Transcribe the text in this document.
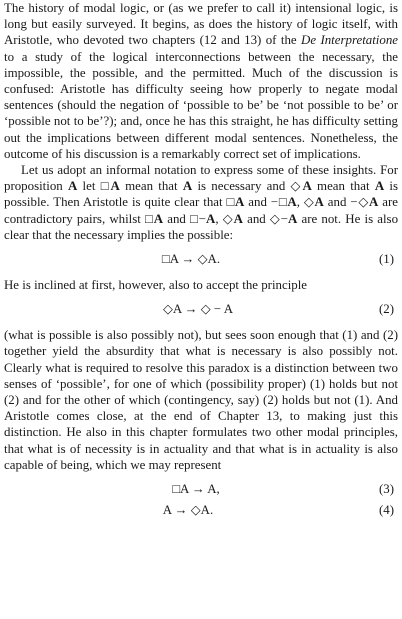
The history of modal logic, or (as we prefer to call it) intensional logic, is long but easily surveyed. It begins, as does the history of logic itself, with Aristotle, who devoted two chapters (12 and 13) of the De Interpretatione to a study of the logical interconnections between the necessary, the impossible, the possible, and the permitted. Much of the discussion is confused: Aristotle has difficulty seeing how properly to negate modal sentences (should the negation of ‘possible to be’ be ‘not possible to be’ or ‘possible not to be’?); and, once he has this straight, he has difficulty setting out the implications between different modal sentences. Nonetheless, the outcome of his discussion is a remarkably correct set of implications.

Let us adopt an informal notation to express some of these insights. For proposition A let □A mean that A is necessary and ◇A mean that A is possible. Then Aristotle is quite clear that □A and −□A, ◇A and −◇A are contradictory pairs, whilst □A and □−A, ◇A and ◇−A are not. He is also clear that the necessary implies the possible:

□A → ◇A.	(1)

He is inclined at first, however, also to accept the principle

◇A → ◇ − A	(2)

(what is possible is also possibly not), but sees soon enough that (1) and (2) together yield the absurdity that what is necessary is also possibly not. Clearly what is required to resolve this paradox is a distinction between two senses of ‘possible’, for one of which (possibility proper) (1) holds but not (2) and for the other of which (contingency, say) (2) holds but not (1). And Aristotle comes close, at the end of Chapter 13, to making just this distinction. He also in this chapter formulates two other modal principles, that what is of necessity is in actuality and that what is in actuality is also capable of being, which we may represent

□A → A,	(3)
A → ◇A.	(4)
